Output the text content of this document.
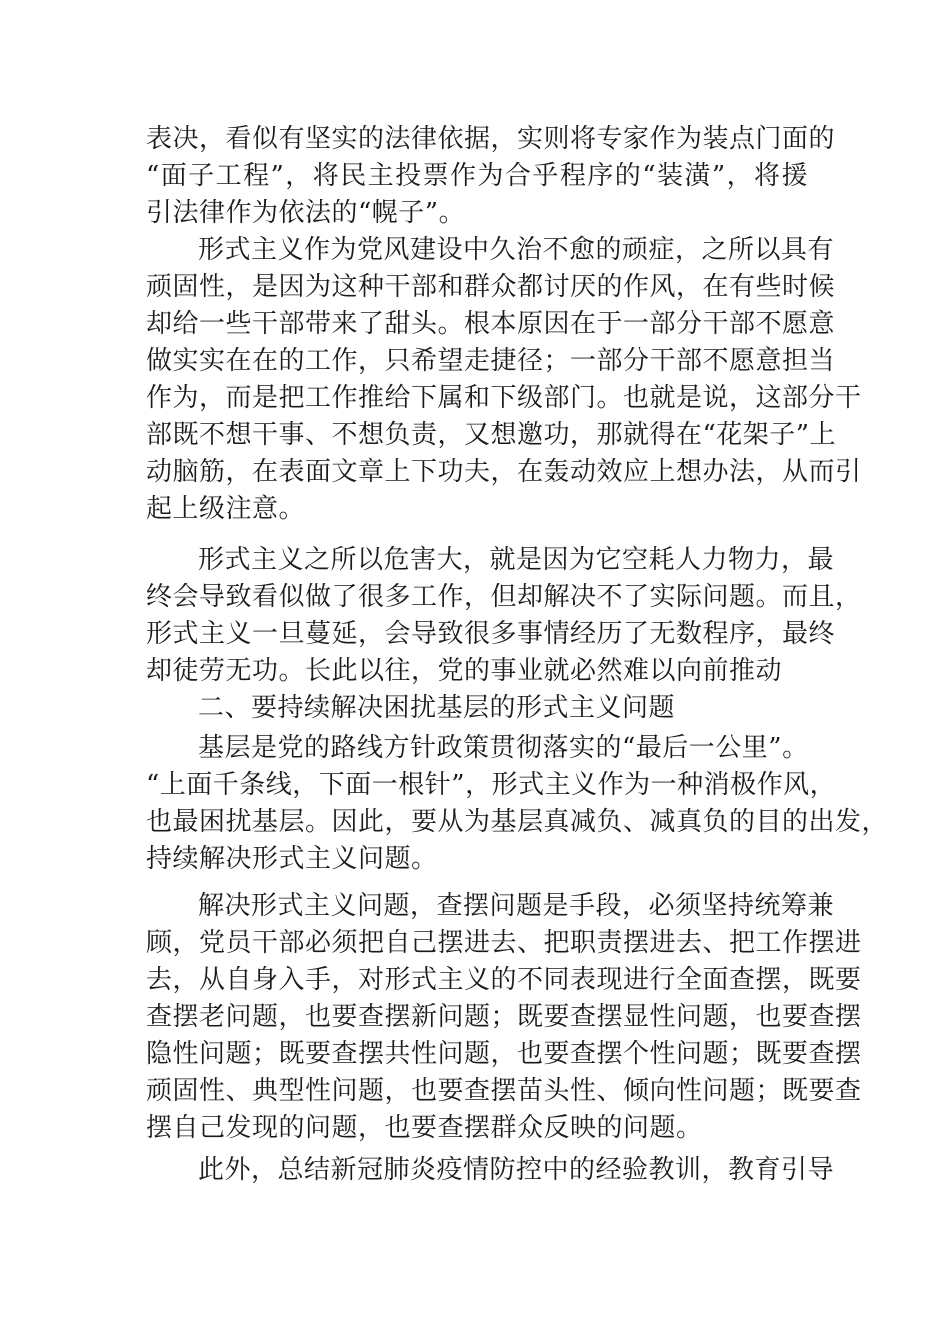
表决，看似有坚实的法律依据，实则将专家作为装点门面的
“面子工程”，将民主投票作为合乎程序的“装潢”，将援
引法律作为依法的“幌子”。
形式主义作为党风建设中久治不愈的顽症，之所以具有
顽固性，是因为这种干部和群众都讨厌的作风，在有些时候
却给一些干部带来了甜头。根本原因在于一部分干部不愿意
做实实在在的工作，只希望走捷径；一部分干部不愿意担当
作为，而是把工作推给下属和下级部门。也就是说，这部分干
部既不想干事、不想负责，又想邀功，那就得在“花架子”上
动脑筋，在表面文章上下功夫，在轰动效应上想办法，从而引
起上级注意。
形式主义之所以危害大，就是因为它空耗人力物力，最
终会导致看似做了很多工作，但却解决不了实际问题。而且，
形式主义一旦蔓延，会导致很多事情经历了无数程序，最终
却徒劳无功。长此以往，党的事业就必然难以向前推动
二、要持续解决困扰基层的形式主义问题
基层是党的路线方针政策贯彻落实的“最后一公里”。
“上面千条线，下面一根针”，形式主义作为一种消极作风，
也最困扰基层。因此，要从为基层真减负、减真负的目的出发，
持续解决形式主义问题。
解决形式主义问题，查摆问题是手段，必须坚持统筹兼
顾，党员干部必须把自己摆进去、把职责摆进去、把工作摆进
去，从自身入手，对形式主义的不同表现进行全面查摆，既要
查摆老问题，也要查摆新问题；既要查摆显性问题，也要查摆
隐性问题；既要查摆共性问题，也要查摆个性问题；既要查摆
顽固性、典型性问题，也要查摆苗头性、倾向性问题；既要查
摆自己发现的问题，也要查摆群众反映的问题。
此外，总结新冠肺炎疫情防控中的经验教训，教育引导
